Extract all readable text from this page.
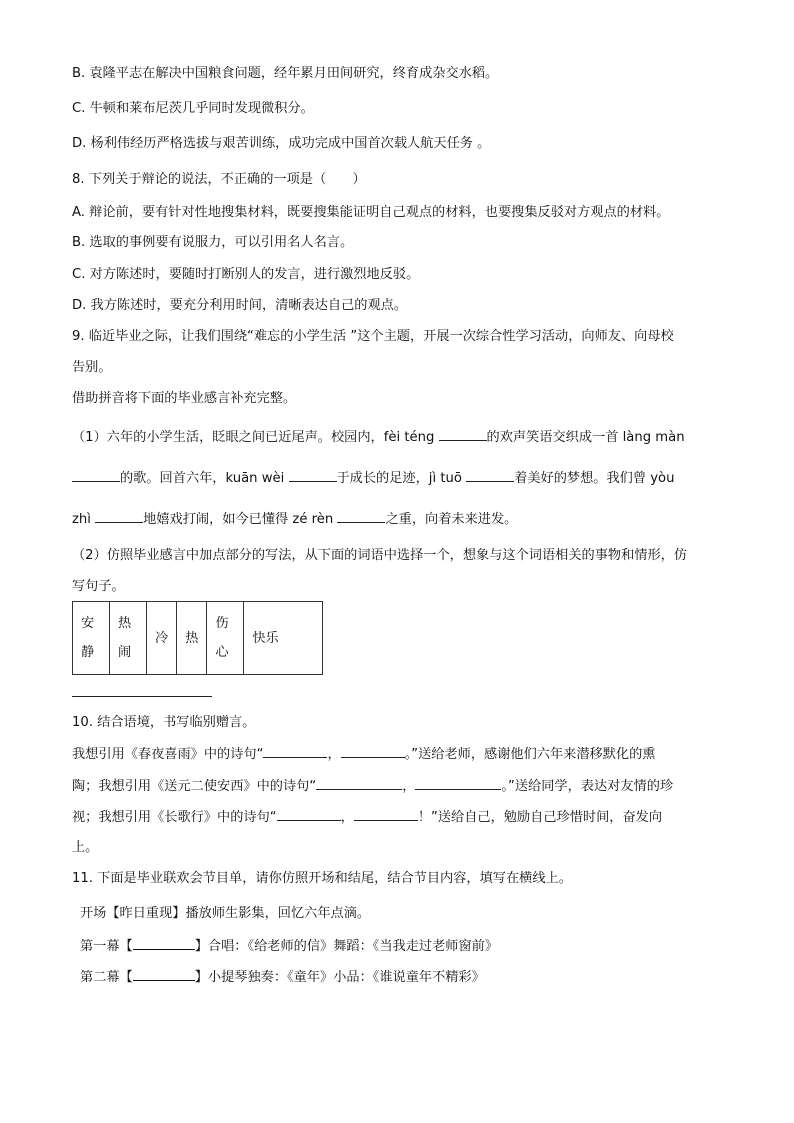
B. 袁隆平志在解决中国粮食问题，经年累月田间研究，终育成杂交水稻。
C. 牛顿和莱布尼茨几乎同时发现微积分。
D. 杨利伟经历严格选拔与艰苦训练，成功完成中国首次载人航天任务 。
8. 下列关于辩论的说法，不正确的一项是（　　）
A. 辩论前，要有针对性地搜集材料，既要搜集能证明自己观点的材料，也要搜集反驳对方观点的材料。
B. 选取的事例要有说服力，可以引用名人名言。
C. 对方陈述时，要随时打断别人的发言，进行激烈地反驳。
D. 我方陈述时，要充分利用时间，清晰表达自己的观点。
9. 临近毕业之际，让我们围绕“难忘的小学生活 ”这个主题，开展一次综合性学习活动，向师友、向母校
告别。
借助拼音将下面的毕业感言补充完整。
（1）六年的小学生活，眨眼之间已近尾声。校园内，fèi téng	的欢声笑语交织成一首 làng màn
的歌。回首六年，kuān wèi	于成长的足迹，jì tuō	着美好的梦想。我们曾 yòu
zhì	地嬉戏打闹，如今已懂得 zé rèn	之重，向着未来进发。
（2）仿照毕业感言中加点部分的写法，从下面的词语中选择一个，想象与这个词语相关的事物和情形，仿
写句子。
安静	热闹	冷	热	伤心	快乐
10. 结合语境，书写临别赠言。
我想引用《春夜喜雨》中的诗句“	，	。”送给老师，感谢他们六年来潜移默化的熏
陶；我想引用《送元二使安西》中的诗句“	，	。”送给同学，表达对友情的珍
视；我想引用《长歌行》中的诗句“	，	！”送给自己，勉励自己珍惜时间，奋发向
上。
11. 下面是毕业联欢会节目单，请你仿照开场和结尾，结合节目内容，填写在横线上。
开场【昨日重现】播放师生影集，回忆六年点滴。
第一幕【	】合唱：《给老师的信》舞蹈：《当我走过老师窗前》
第二幕【	】小提琴独奏：《童年》小品：《谁说童年不精彩》
